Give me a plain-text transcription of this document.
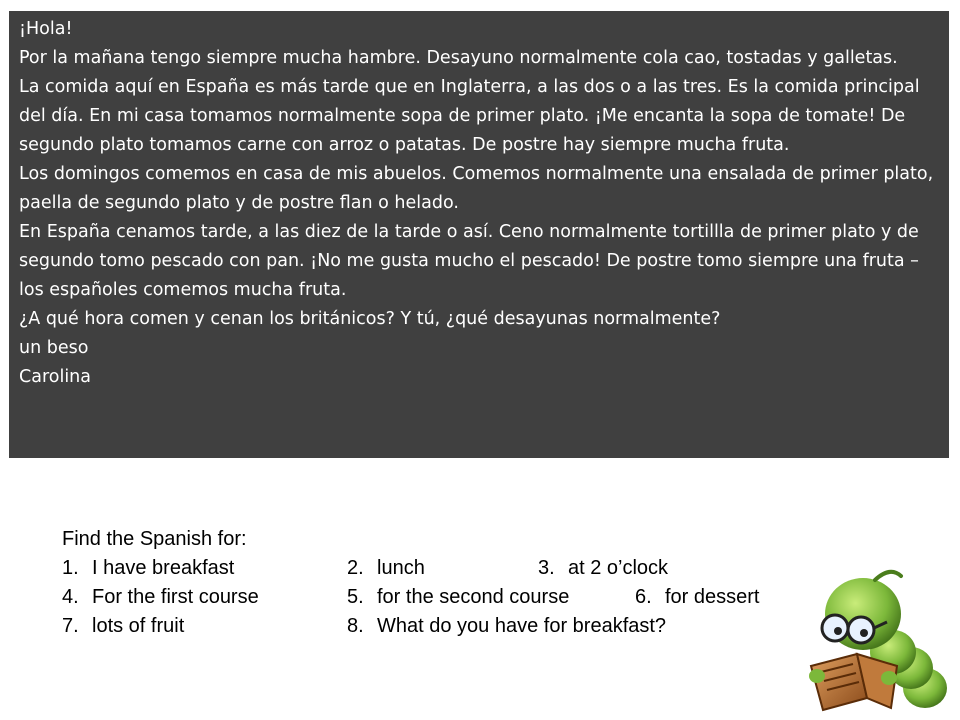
¡Hola!

Por la mañana tengo siempre mucha hambre. Desayuno normalmente cola cao, tostadas y galletas.

La comida aquí en España es más tarde que en Inglaterra, a las dos o a las tres. Es la comida principal del día. En mi casa tomamos normalmente sopa de primer plato. ¡Me encanta la sopa de tomate! De segundo plato tomamos carne con arroz o patatas. De postre hay siempre mucha fruta.

Los domingos comemos en casa de mis abuelos. Comemos normalmente una ensalada de primer plato, paella de segundo plato y de postre flan o helado.

En España cenamos tarde, a las diez de la tarde o así. Ceno normalmente tortillla de primer plato y de segundo tomo pescado con pan. ¡No me gusta mucho el pescado! De postre tomo siempre una fruta – los españoles comemos mucha fruta.

¿A qué hora comen y cenan los británicos? Y tú, ¿qué desayunas normalmente?

un beso

Carolina

Find the Spanish for:
1. I have breakfast	2. lunch	3. at 2 o’clock
4. For the first course	5. for the second course	6. for dessert
7. lots of fruit	8. What do you have for breakfast?
